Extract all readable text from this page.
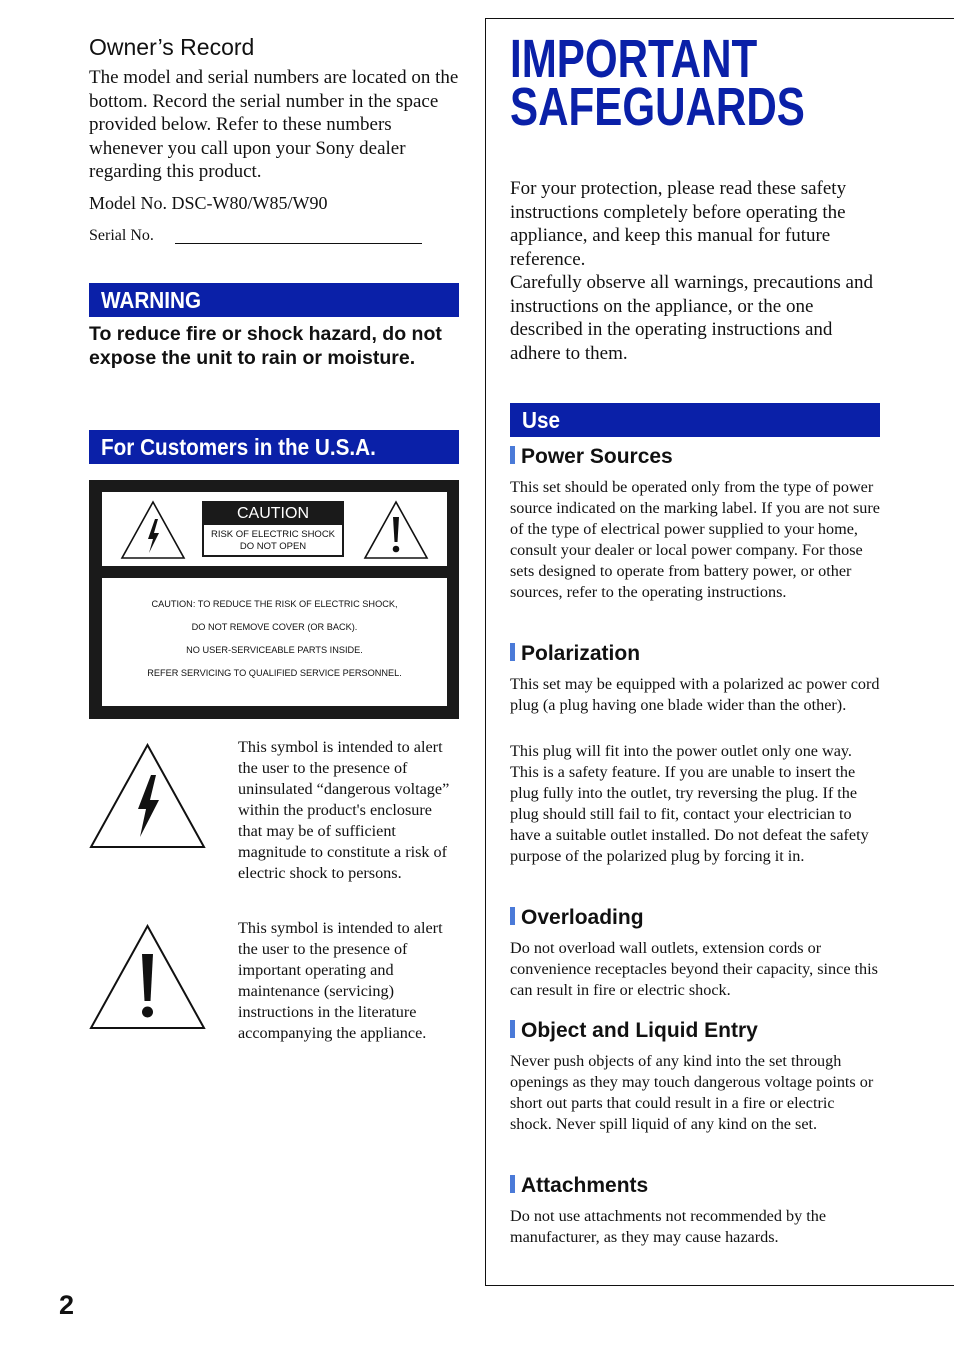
Owner’s Record
The model and serial numbers are located on the bottom. Record the serial number in the space provided below. Refer to these numbers whenever you call upon your Sony dealer regarding this product.
Model No. DSC-W80/W85/W90
Serial No.
WARNING
To reduce fire or shock hazard, do not expose the unit to rain or moisture.
For Customers in the U.S.A.
CAUTION
RISK OF ELECTRIC SHOCK
DO NOT OPEN
CAUTION: TO REDUCE THE RISK OF ELECTRIC SHOCK,
DO NOT REMOVE COVER (OR BACK).
NO USER-SERVICEABLE PARTS INSIDE.
REFER SERVICING TO QUALIFIED SERVICE PERSONNEL.
This symbol is intended to alert the user to the presence of uninsulated “dangerous voltage” within the product's enclosure that may be of sufficient magnitude to constitute a risk of electric shock to persons.
This symbol is intended to alert the user to the presence of important operating and maintenance (servicing) instructions in the literature accompanying the appliance.
IMPORTANT
SAFEGUARDS
For your protection, please read these safety instructions completely before operating the appliance, and keep this manual for future reference.
Carefully observe all warnings, precautions and instructions on the appliance, or the one described in the operating instructions and adhere to them.
Use
Power Sources
This set should be operated only from the type of power source indicated on the marking label. If you are not sure of the type of electrical power supplied to your home, consult your dealer or local power company. For those sets designed to operate from battery power, or other sources, refer to the operating instructions.
Polarization
This set may be equipped with a polarized ac power cord plug (a plug having one blade wider than the other).
This plug will fit into the power outlet only one way. This is a safety feature. If you are unable to insert the plug fully into the outlet, try reversing the plug. If the plug should still fail to fit, contact your electrician to have a suitable outlet installed. Do not defeat the safety purpose of the polarized plug by forcing it in.
Overloading
Do not overload wall outlets, extension cords or convenience receptacles beyond their capacity, since this can result in fire or electric shock.
Object and Liquid Entry
Never push objects of any kind into the set through openings as they may touch dangerous voltage points or short out parts that could result in a fire or electric shock. Never spill liquid of any kind on the set.
Attachments
Do not use attachments not recommended by the manufacturer, as they may cause hazards.
2
